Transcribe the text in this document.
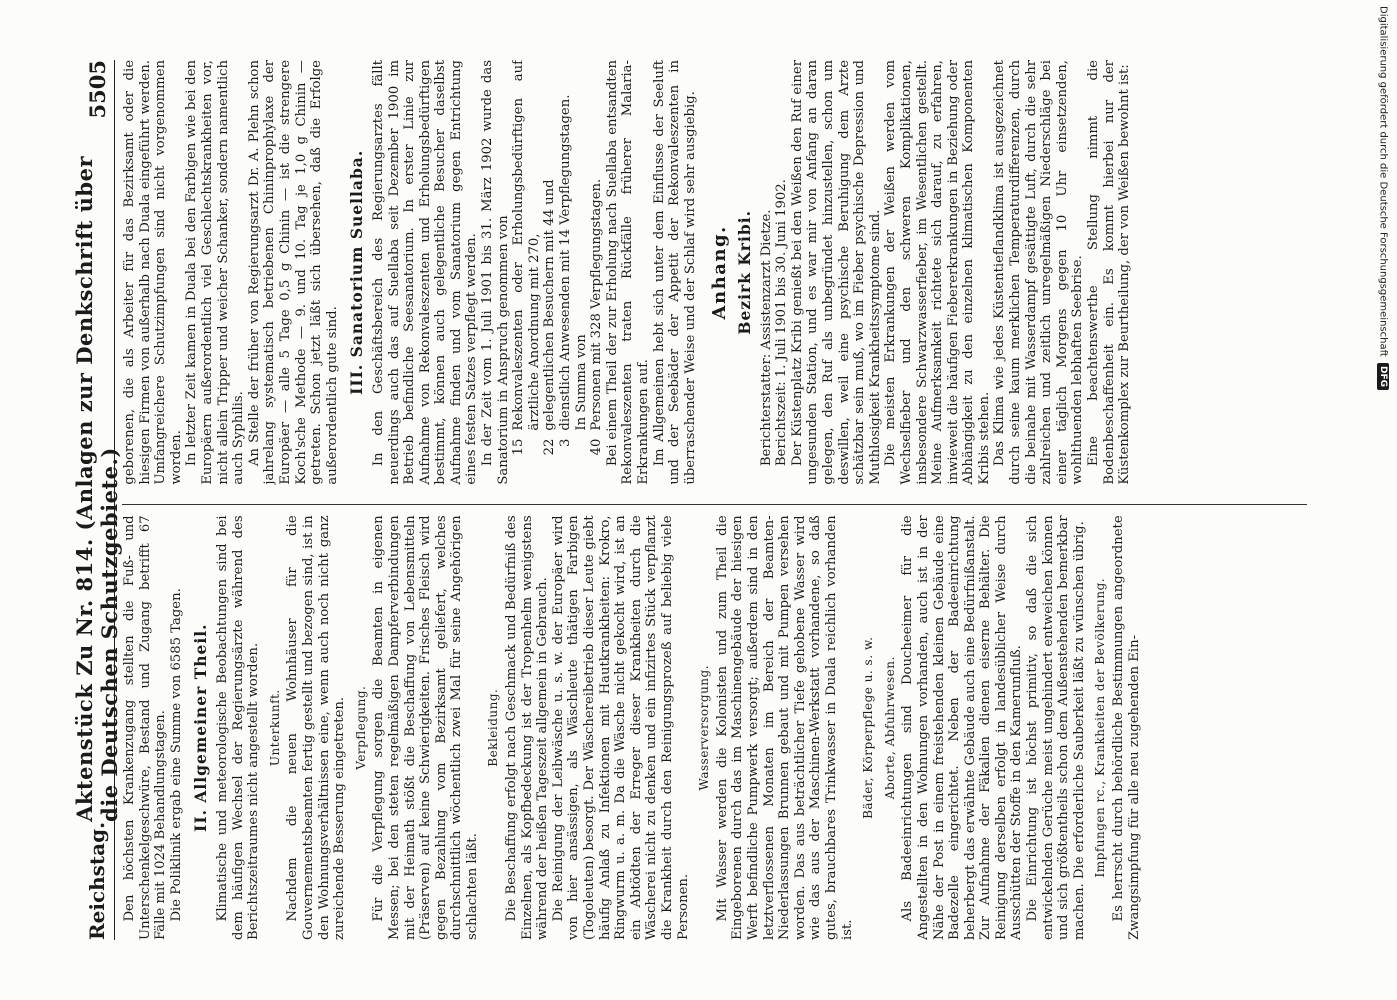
Reichstag.
Aktenstück Zu Nr. 814. (Anlagen zur Denkschrift über die Deutschen Schutzgebiete.)
5505

Den höchsten Krankenzugang stellten die Fuß- und Unterschenkelgeschwüre, Bestand und Zugang betrifft 67 Fälle mit 1024 Behandlungstagen. Die Poliklinik ergab eine Summe von 6585 Tagen. II. Allgemeiner Theil. Klimatische und meteorologische Beobachtungen sind bei dem häufigen Wechsel der Regierungsärzte während des Berichtszeitraumes nicht angestellt worden. Unterkunft. Nachdem die neuen Wohnhäuser für die Gouvernementsbeamten fertig gestellt und bezogen sind, ist in den Wohnungsverhältnissen eine, wenn auch noch nicht ganz zureichende Besserung eingetreten. Verpflegung. Für die Verpflegung sorgen die Beamten in eigenen Messen; bei den steten regelmäßigen Dampferverbindungen mit der Heimath stößt die Beschaffung von Lebensmitteln (Präserven) auf keine Schwierigkeiten. Frisches Fleisch wird gegen Bezahlung vom Bezirksamt geliefert, welches durchschnittlich wöchentlich zwei Mal für seine Angehörigen schlachten läßt.

Bekleidung. Die Beschaffung erfolgt nach Geschmack und Bedürfniß des Einzelnen, als Kopfbedeckung ist der Tropenhelm wenigstens während der heißen Tageszeit allgemein in Gebrauch. Die Reinigung der Leibwäsche u. s. w. der Europäer wird von hier ansässigen, als Wäschleute thätigen Farbigen (Togoleuten) besorgt. Der Wäschereibetrieb dieser Leute giebt häufig Anlaß zu Infektionen mit Hautkrankheiten: Krokro, Ringwurm u. a. m. Da die Wäsche nicht gekocht wird, ist an ein Abtödten der Erreger dieser Krankheiten durch die Wäscherei nicht zu denken und ein infizirtes Stück verpflanzt die Krankheit durch den Reinigungsprozeß auf beliebig viele Personen.

Wasserversorgung. Mit Wasser werden die Kolonisten und zum Theil die Eingeborenen durch das im Maschinengebäude der hiesigen Werft befindliche Pumpwerk versorgt; außerdem sind in den letztverflossenen Monaten im Bereich der Beamten-Niederlassungen Brunnen gebaut und mit Pumpen versehen worden. Das aus beträchtlicher Tiefe gehobene Wasser wird wie das aus der Maschinen-Werkstatt vorhandene, so daß gutes, brauchbares Trinkwasser in Duala reichlich vorhanden ist.

Bäder, Körperpflege u. s. w. Aborte, Abfuhrwesen. Als Badeeinrichtungen sind Doucheeimer für die Angestellten in den Wohnungen vorhanden, auch ist in der Nähe der Post in einem freistehenden kleinen Gebäude eine Badezelle eingerichtet. Neben der Badeeinrichtung beherbergt das erwähnte Gebäude auch eine Bedürfnißanstalt. Zur Aufnahme der Fäkalien dienen eiserne Behälter. Die Reinigung derselben erfolgt in landesüblicher Weise durch Ausschütten der Stoffe in den Kamerunfluß. Die Einrichtung ist höchst primitiv, so daß die sich entwickelnden Gerüche meist ungehindert entweichen können und sich größtentheils schon dem Außenstehenden bemerkbar machen. Die erforderliche Sauberkeit läßt zu wünschen übrig. Impfungen rc., Krankheiten der Bevölkerung. Es herrscht durch behördliche Bestimmungen angeordnete Zwangsimpfung für alle neu zugehenden Ein-

geborenen, die als Arbeiter für das Bezirksamt oder die hiesigen Firmen von außerhalb nach Duala eingeführt werden. Umfangreichere Schutzimpfungen sind nicht vorgenommen worden. In letzter Zeit kamen in Duala bei den Farbigen wie bei den Europäern außerordentlich viel Geschlechtskrankheiten vor, nicht allein Tripper und weicher Schanker, sondern namentlich auch Syphilis. An Stelle der früher von Regierungsarzt Dr. A. Plehn schon jahrelang systematisch betriebenen Chininprophylaxe der Europäer — alle 5 Tage 0,5 g Chinin — ist die strengere Koch'sche Methode — 9. und 10. Tag je 1,0 g Chinin — getreten. Schon jetzt läßt sich übersehen, daß die Erfolge außerordentlich gute sind.

III. Sanatorium Suellaba. In den Geschäftsbereich des Regierungsarztes fällt neuerdings auch das auf Suellaba seit Dezember 1900 im Betrieb befindliche Seesanatorium. In erster Linie zur Aufnahme von Rekonvaleszenten und Erholungsbedürftigen bestimmt, können auch gelegentliche Besucher daselbst Aufnahme finden und vom Sanatorium gegen Entrichtung eines festen Satzes verpflegt werden. In der Zeit vom 1. Juli 1901 bis 31. März 1902 wurde das Sanatorium in Anspruch genommen von 15
Rekonvaleszenten oder Erholungsbedürftigen auf ärztliche Anordnung mit 270,
22
gelegentlichen Besuchern mit 44 und
3
dienstlich Anwesenden mit 14 Verpflegungstagen. In Summa von
40
Personen mit 328 Verpflegungstagen. Bei einem Theil der zur Erholung nach Suellaba entsandten Rekonvaleszenten traten Rückfälle früherer Malaria-Erkrankungen auf. Im Allgemeinen hebt sich unter dem Einflusse der Seeluft und der Seebäder der Appetit der Rekonvaleszenten in überraschender Weise und der Schlaf wird sehr ausgiebig. Anhang. Bezirk Kribi. Berichterstatter: Assistenzarzt Dietze. Berichtszeit: 1. Juli 1901 bis 30. Juni 1902. Der Küstenplatz Kribi genießt bei den Weißen den Ruf einer ungesunden Station, und es war mir von Anfang an daran gelegen, den Ruf als unbegründet hinzustellen, schon um deswillen, weil eine psychische Beruhigung dem Arzte schätzbar sein muß, wo im Fieber psychische Depression und Muthlosigkeit Krankheitssymptome sind. Die meisten Erkrankungen der Weißen werden vom Wechselfieber und den schweren Komplikationen, insbesondere Schwarzwasserfieber, im Wesentlichen gestellt. Meine Aufmerksamkeit richtete sich darauf, zu erfahren, inwieweit die häufigen Fiebererkrankungen in Beziehung oder Abhängigkeit zu den einzelnen klimatischen Komponenten Kribis stehen. Das Klima wie jedes Küstentieflandklima ist ausgezeichnet durch seine kaum merklichen Temperaturdifferenzen, durch die beinahe mit Wasserdampf gesättigte Luft, durch die sehr zahlreichen und zeitlich unregelmäßigen Niederschläge bei einer täglich Morgens gegen 10 Uhr einsetzenden, wohlthuenden lebhaften Seebrise. Eine beachtenswerthe Stellung nimmt die Bodenbeschaffenheit ein. Es kommt hierbei nur der Küstenkomplex zur Beurtheilung, der von Weißen bewohnt ist:	Digitalisierung gefördert durch die Deutsche Forschungsgemeinschaft
DFG
